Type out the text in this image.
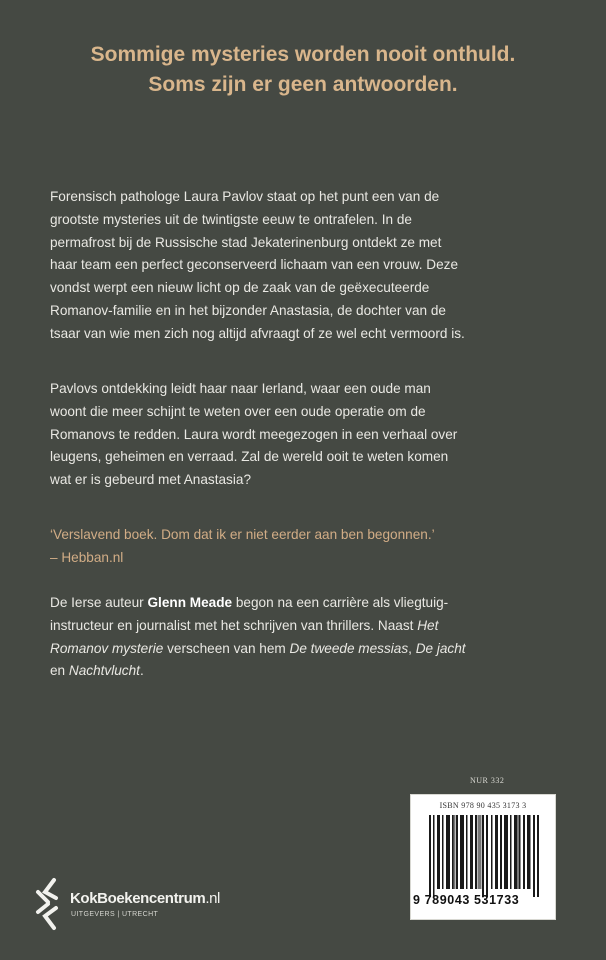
Sommige mysteries worden nooit onthuld.
Soms zijn er geen antwoorden.
Forensisch pathologe Laura Pavlov staat op het punt een van de
grootste mysteries uit de twintigste eeuw te ontrafelen. In de
permafrost bij de Russische stad Jekaterinenburg ontdekt ze met
haar team een perfect geconserveerd lichaam van een vrouw. Deze
vondst werpt een nieuw licht op de zaak van de geëxecuteerde
Romanov-familie en in het bijzonder Anastasia, de dochter van de
tsaar van wie men zich nog altijd afvraagt of ze wel echt vermoord is.
Pavlovs ontdekking leidt haar naar Ierland, waar een oude man
woont die meer schijnt te weten over een oude operatie om de
Romanovs te redden. Laura wordt meegezogen in een verhaal over
leugens, geheimen en verraad. Zal de wereld ooit te weten komen
wat er is gebeurd met Anastasia?
‘Verslavend boek. Dom dat ik er niet eerder aan ben begonnen.’
– Hebban.nl
De Ierse auteur Glenn Meade begon na een carrière als vliegtuig-
instructeur en journalist met het schrijven van thrillers. Naast Het
Romanov mysterie verscheen van hem De tweede messias, De jacht
en Nachtvlucht.
NUR 332
ISBN 978 90 435 3173 3
9 789043 531733
KokBoekencentrum.nl
UITGEVERS | UTRECHT
